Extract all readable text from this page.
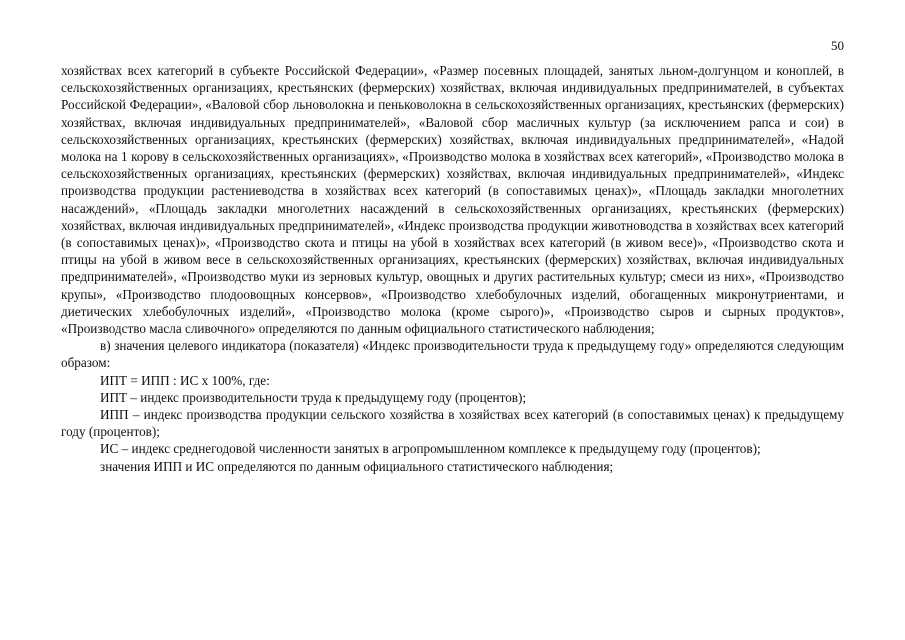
50

хозяйствах всех категорий в субъекте Российской Федерации», «Размер посевных площадей, занятых льном-долгунцом и коноплей, в сельскохозяйственных организациях, крестьянских (фермерских) хозяйствах, включая индивидуальных предпринимателей, в субъектах Российской Федерации», «Валовой сбор льноволокна и пеньковолокна в сельскохозяйственных организациях, крестьянских (фермерских) хозяйствах, включая индивидуальных предпринимателей», «Валовой сбор масличных культур (за исключением рапса и сои) в сельскохозяйственных организациях, крестьянских (фермерских) хозяйствах, включая индивидуальных предпринимателей», «Надой молока на 1 корову в сельскохозяйственных организациях», «Производство молока в хозяйствах всех категорий», «Производство молока в сельскохозяйственных организациях, крестьянских (фермерских) хозяйствах, включая индивидуальных предпринимателей», «Индекс производства продукции растениеводства в хозяйствах всех категорий (в сопоставимых ценах)», «Площадь закладки многолетних насаждений», «Площадь закладки многолетних насаждений в сельскохозяйственных организациях, крестьянских (фермерских) хозяйствах, включая индивидуальных предпринимателей», «Индекс производства продукции животноводства в хозяйствах всех категорий (в сопоставимых ценах)», «Производство скота и птицы на убой в хозяйствах всех категорий (в живом весе)», «Производство скота и птицы на убой в живом весе в сельскохозяйственных организациях, крестьянских (фермерских) хозяйствах, включая индивидуальных предпринимателей», «Производство муки из зерновых культур, овощных и других растительных культур; смеси из них», «Производство крупы», «Производство плодоовощных консервов», «Производство хлебобулочных изделий, обогащенных микронутриентами, и диетических хлебобулочных изделий», «Производство молока (кроме сырого)», «Производство сыров и сырных продуктов», «Производство масла сливочного» определяются по данным официального статистического наблюдения;

в) значения целевого индикатора (показателя) «Индекс производительности труда к предыдущему году» определяются следующим образом:

ИПТ = ИПП : ИС x 100%, где:

ИПТ – индекс производительности труда к предыдущему году (процентов);

ИПП – индекс производства продукции сельского хозяйства в хозяйствах всех категорий (в сопоставимых ценах) к предыдущему году (процентов);

ИС – индекс среднегодовой численности занятых в агропромышленном комплексе к предыдущему году (процентов);

значения ИПП и ИС определяются по данным официального статистического наблюдения;
